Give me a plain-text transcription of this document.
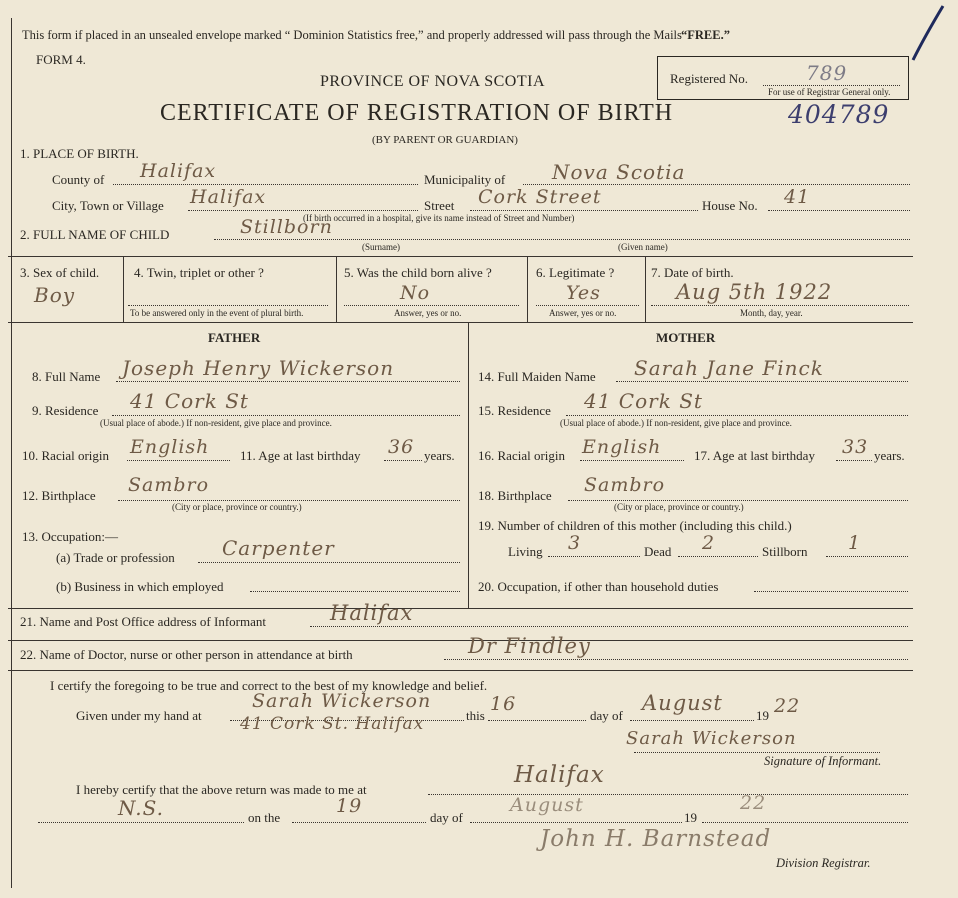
This form if placed in an unsealed envelope marked “ Dominion Statistics free,” and properly addressed will pass through the Mails “FREE.”
FORM 4.
PROVINCE OF NOVA SCOTIA
CERTIFICATE OF REGISTRATION OF BIRTH
(BY PARENT OR GUARDIAN)
Registered No.	789
For use of Registrar General only.
404789
1. PLACE OF BIRTH.
County of Halifax	Municipality of Nova Scotia
City, Town or Village Halifax	Street Cork Street	House No. 41
(If birth occurred in a hospital, give its name instead of Street and Number)
2. FULL NAME OF CHILD	Stillborn
(Surname)	(Given name)
3. Sex of child.
Boy
4. Twin, triplet or other ?
To be answered only in the event of plural birth.
5. Was the child born alive ?
No
Answer, yes or no.
6. Legitimate ?
Yes
Answer, yes or no.
7. Date of birth.
Aug 5th 1922
Month, day, year.
FATHER
8. Full Name Joseph Henry Wickerson
9. Residence 41 Cork St
(Usual place of abode.) If non-resident, give place and province.
10. Racial origin English 11. Age at last birthday 36 years.
12. Birthplace Sambro
(City or place, province or country.)
13. Occupation:—
(a) Trade or profession Carpenter
(b) Business in which employed
MOTHER
14. Full Maiden Name Sarah Jane Finck
15. Residence 41 Cork St
(Usual place of abode.) If non-resident, give place and province.
16. Racial origin English	17. Age at last birthday 33 years.
18. Birthplace Sambro
(City or place, province or country.)
19. Number of children of this mother (including this child.)
Living 3	Dead 2	Stillborn 1
20. Occupation, if other than household duties
21. Name and Post Office address of Informant	Halifax
22. Name of Doctor, nurse or other person in attendance at birth	Dr Findley
I certify the foregoing to be true and correct to the best of my knowledge and belief.
Given under my hand at
Sarah Wickerson
41 Cork St. Halifax	this
16
day of
August
19 22
Sarah Wickerson
Signature of Informant.
I hereby certify that the above return was made to me at
Halifax
N.S.	on the
19
day of
August
19
22
John H. Barnstead
Division Registrar.
